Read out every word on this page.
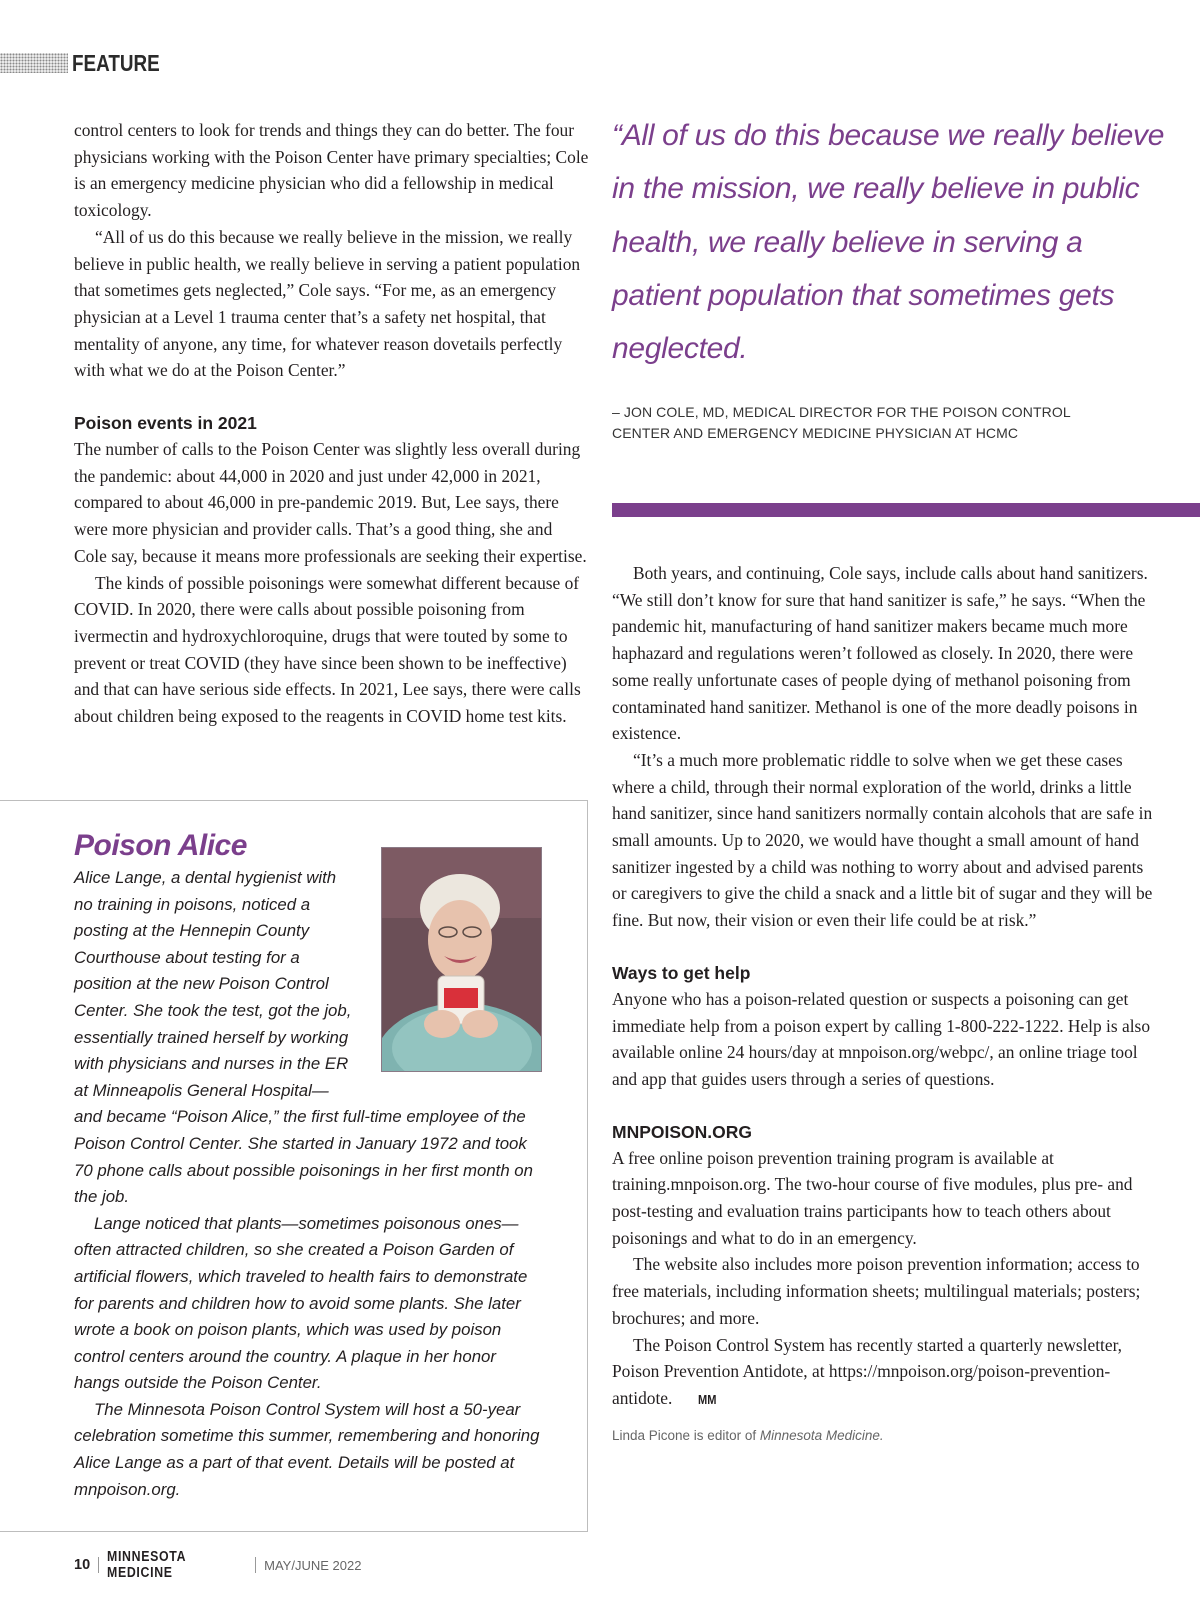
FEATURE

control centers to look for trends and things they can do better. The four physicians working with the Poison Center have primary specialties; Cole is an emergency medicine physician who did a fellowship in medical toxicology.

“All of us do this because we really believe in the mission, we really believe in public health, we really believe in serving a patient population that sometimes gets neglected,” Cole says. “For me, as an emergency physician at a Level 1 trauma center that’s a safety net hospital, that mentality of anyone, any time, for whatever reason dovetails perfectly with what we do at the Poison Center.”

Poison events in 2021

The number of calls to the Poison Center was slightly less overall during the pandemic: about 44,000 in 2020 and just under 42,000 in 2021, compared to about 46,000 in pre-pandemic 2019. But, Lee says, there were more physician and provider calls. That’s a good thing, she and Cole say, because it means more professionals are seeking their expertise.

The kinds of possible poisonings were somewhat different because of COVID. In 2020, there were calls about possible poisoning from ivermectin and hydroxychloroquine, drugs that were touted by some to prevent or treat COVID (they have since been shown to be ineffective) and that can have serious side effects. In 2021, Lee says, there were calls about children being exposed to the reagents in COVID home test kits.

“All of us do this because we really believe in the mission, we really believe in public health, we really believe in serving a patient population that sometimes gets neglected.
– JON COLE, MD, MEDICAL DIRECTOR FOR THE POISON CONTROL CENTER AND EMERGENCY MEDICINE PHYSICIAN AT HCMC
Poison Alice

Alice Lange, a dental hygienist with no training in poisons, noticed a posting at the Hennepin County Courthouse about testing for a position at the new Poison Control Center. She took the test, got the job, essentially trained herself by working with physicians and nurses in the ER at Minneapolis General Hospital—

and became “Poison Alice,” the first full-time employee of the Poison Control Center. She started in January 1972 and took 70 phone calls about possible poisonings in her first month on the job.

Lange noticed that plants—sometimes poisonous ones—often attracted children, so she created a Poison Garden of artificial flowers, which traveled to health fairs to demonstrate for parents and children how to avoid some plants. She later wrote a book on poison plants, which was used by poison control centers around the country. A plaque in her honor hangs outside the Poison Center.

The Minnesota Poison Control System will host a 50-year celebration sometime this summer, remembering and honoring Alice Lange as a part of that event. Details will be posted at mnpoison.org.

Both years, and continuing, Cole says, include calls about hand sanitizers. “We still don’t know for sure that hand sanitizer is safe,” he says. “When the pandemic hit, manufacturing of hand sanitizer makers became much more haphazard and regulations weren’t followed as closely. In 2020, there were some really unfortunate cases of people dying of methanol poisoning from contaminated hand sanitizer. Methanol is one of the more deadly poisons in existence.

“It’s a much more problematic riddle to solve when we get these cases where a child, through their normal exploration of the world, drinks a little hand sanitizer, since hand sanitizers normally contain alcohols that are safe in small amounts. Up to 2020, we would have thought a small amount of hand sanitizer ingested by a child was nothing to worry about and advised parents or caregivers to give the child a snack and a little bit of sugar and they will be fine. But now, their vision or even their life could be at risk.”

Ways to get help

Anyone who has a poison-related question or suspects a poisoning can get immediate help from a poison expert by calling 1-800-222-1222. Help is also available online 24 hours/day at mnpoison.org/webpc/, an online triage tool and app that guides users through a series of questions.

MNPOISON.ORG

A free online poison prevention training program is available at training.mnpoison.org. The two-hour course of five modules, plus pre- and post-testing and evaluation trains participants how to teach others about poisonings and what to do in an emergency.

The website also includes more poison prevention information; access to free materials, including information sheets; multilingual materials; posters; brochures; and more.

The Poison Control System has recently started a quarterly newsletter, Poison Prevention Antidote, at https://mnpoison.org/poison-prevention-antidote. MM

Linda Picone is editor of Minnesota Medicine.

10 MINNESOTA MEDICINE	MAY/JUNE 2022
